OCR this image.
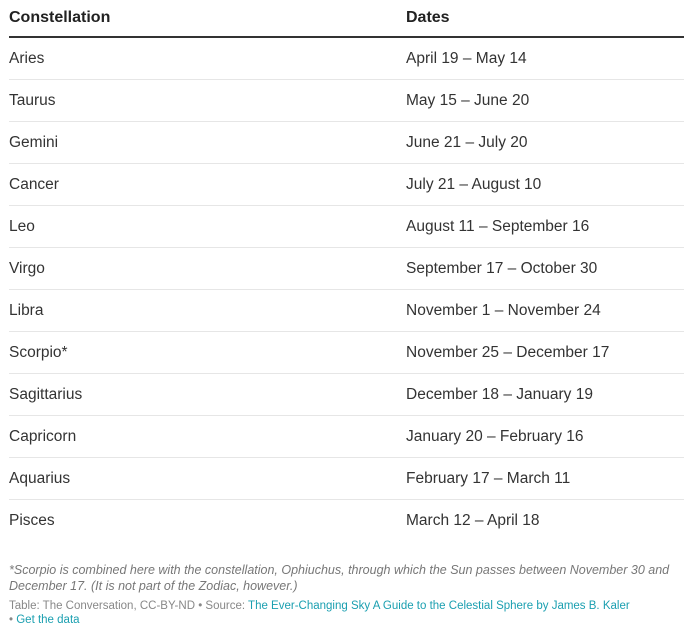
Constellation	Dates
Aries	April 19 – May 14
Taurus	May 15 – June 20
Gemini	June 21 – July 20
Cancer	July 21 – August 10
Leo	August 11 – September 16
Virgo	September 17 – October 30
Libra	November 1 – November 24
Scorpio*	November 25 – December 17
Sagittarius	December 18 – January 19
Capricorn	January 20 – February 16
Aquarius	February 17 – March 11
Pisces	March 12 – April 18

*Scorpio is combined here with the constellation, Ophiuchus, through which the Sun passes between November 30 and December 17. (It is not part of the Zodiac, however.)

Table: The Conversation, CC-BY-ND • Source: The Ever-Changing Sky A Guide to the Celestial Sphere by James B. Kaler
• Get the data
